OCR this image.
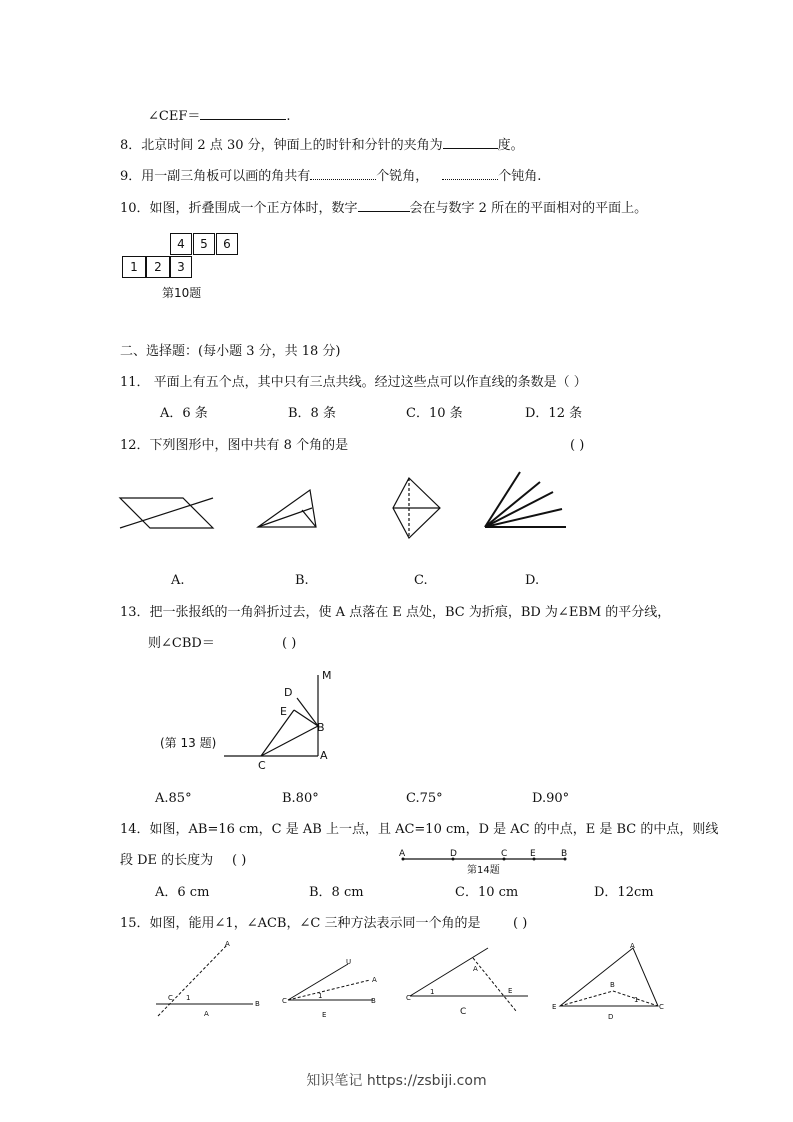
∠CEF＝	.
8．北京时间 2 点 30 分，钟面上的时针和分针的夹角为	度。
9．用一副三角板可以画的角共有	个锐角，	个钝角.
10．如图，折叠围成一个正方体时，数字	会在与数字 2 所在的平面相对的平面上。
4	5	6
1	2	3
第10题
二、选择题：(每小题 3 分，共 18 分)
11． 平面上有五个点，其中只有三点共线。经过这些点可以作直线的条数是（ ）
A．6 条	B．8 条	C．10 条	D．12 条
12．下列图形中，图中共有 8 个角的是	( )
A.	B.	C.	D.
13．把一张报纸的一角斜折过去，使 A 点落在 E 点处，BC 为折痕，BD 为∠EBM 的平分线，
则∠CBD＝	( )
M
D
E
B
A
C
(第 13 题)
A.85°	B.80°	C.75°	D.90°
14．如图，AB=16 cm，C 是 AB 上一点，且 AC=10 cm，D 是 AC 的中点，E 是 BC 的中点，则线
段 DE 的长度为 ( )	A	D	C	E	B
第14题
A．6 cm	B．8 cm	C．10 cm	D．12cm
15．如图，能用∠1，∠ACB，∠C 三种方法表示同一个角的是	( )
A
C 1
B
A
U
A
C
1
B
E
A
C
1	E
C
A
B
E
1
C
D
知识笔记 https://zsbiji.com
